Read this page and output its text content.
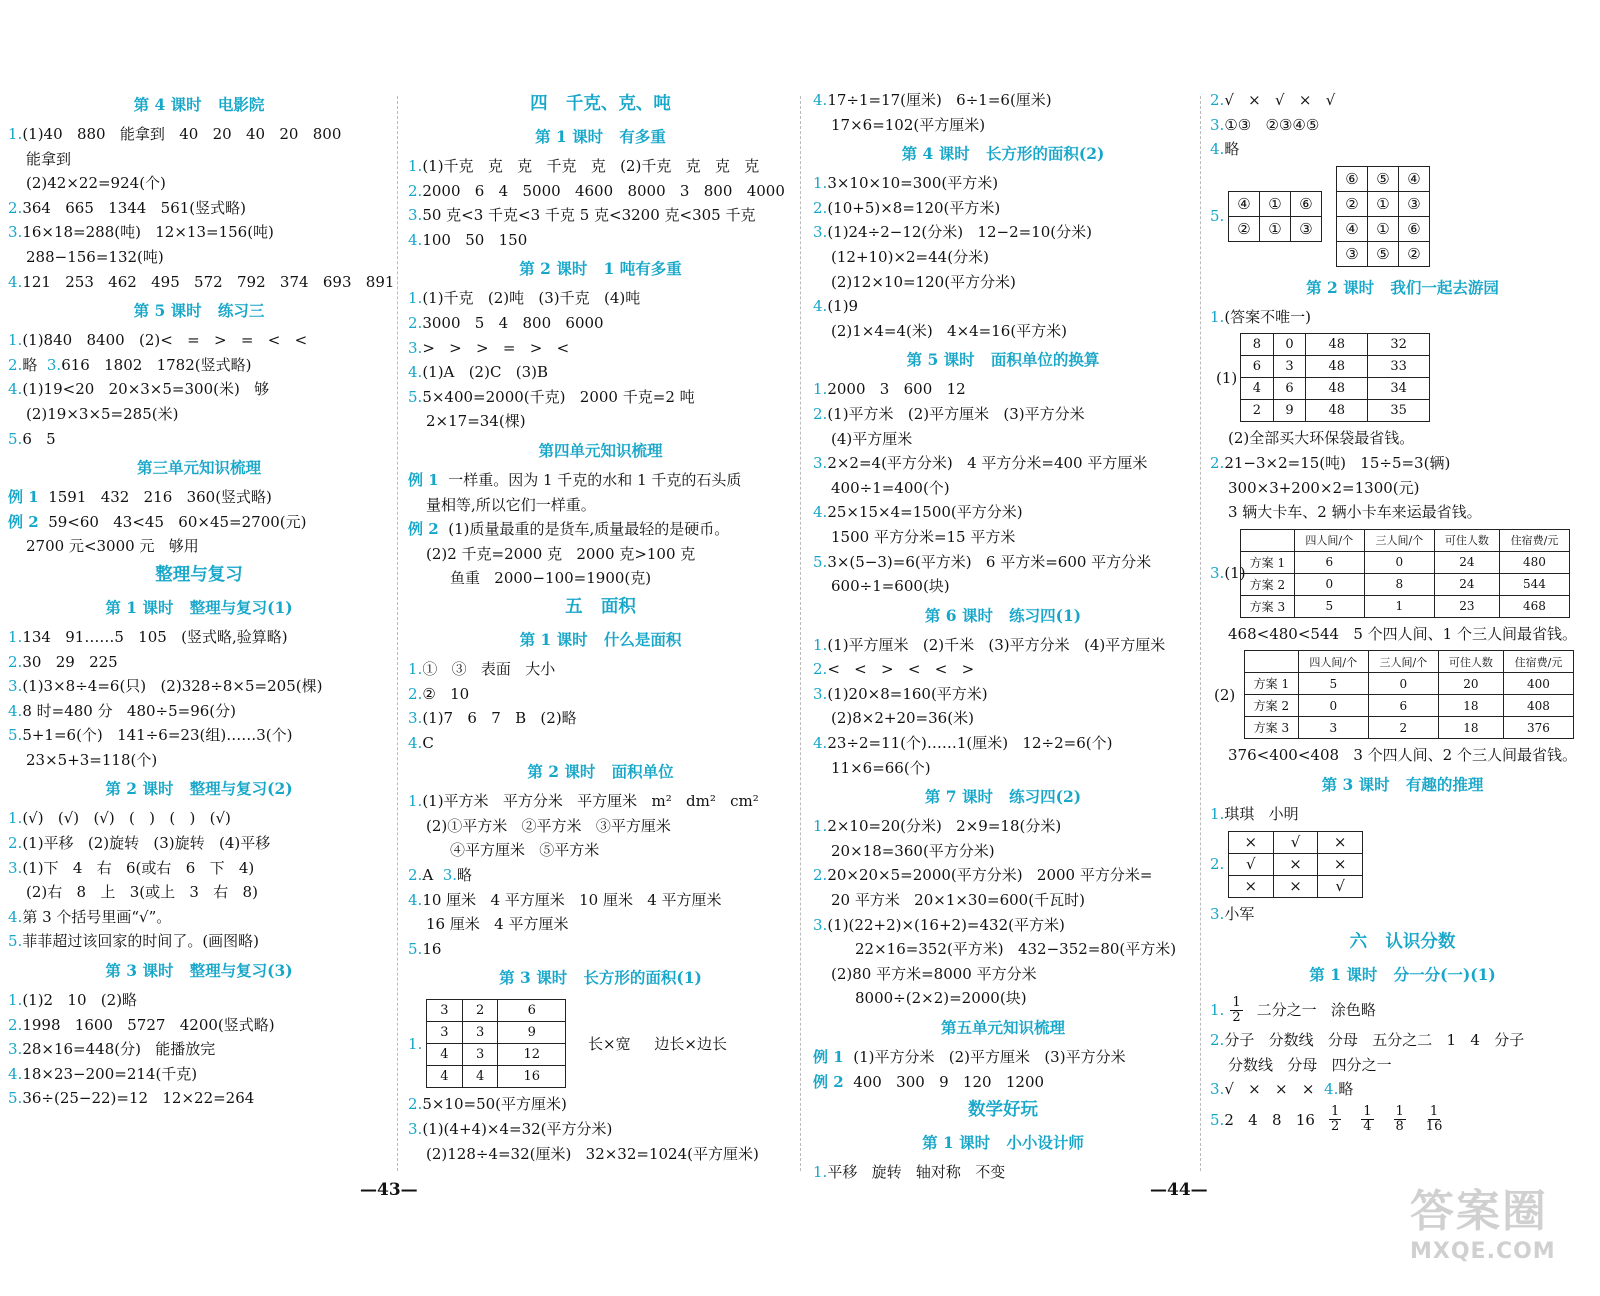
第 4 课时   电影院
1.(1)40   880   能拿到   40   20   40   20   800
能拿到
(2)42×22=924(个)
2.364   665   1344   561(竖式略)
3.16×18=288(吨)   12×13=156(吨)
288−156=132(吨)
4.121   253   462   495   572   792   374   693   891
第 5 课时   练习三
1.(1)840   8400   (2)<   =   >   =   <   <
2.略 3.616   1802   1782(竖式略)
4.(1)19<20   20×3×5=300(米)   够
(2)19×3×5=285(米)
5.6   5
第三单元知识梳理
例 1 1591   432   216   360(竖式略)
例 2 59<60   43<45   60×45=2700(元)
2700 元<3000 元   够用
整理与复习
第 1 课时   整理与复习(1)
1.134   91……5   105   (竖式略,验算略)
2.30   29   225
3.(1)3×8÷4=6(只)   (2)328÷8×5=205(棵)
4.8 时=480 分   480÷5=96(分)
5.5+1=6(个)   141÷6=23(组)……3(个)
23×5+3=118(个)
第 2 课时   整理与复习(2)
1.(√)   (√)   (√)   (   )   (   )   (√)
2.(1)平移   (2)旋转   (3)旋转   (4)平移
3.(1)下   4   右   6(或右   6   下   4)
(2)右   8   上   3(或上   3   右   8)
4.第 3 个括号里画“√”。
5.菲菲超过该回家的时间了。(画图略)
第 3 课时   整理与复习(3)
1.(1)2   10   (2)略
2.1998   1600   5727   4200(竖式略)
3.28×16=448(分)   能播放完
4.18×23−200=214(千克)
5.36÷(25−22)=12   12×22=264
四   千克、克、吨
第 1 课时   有多重
1.(1)千克   克   克   千克   克   (2)千克   克   克   克
2.2000   6   4   5000   4600   8000   3   800   4000
3.50 克<3 千克<3 千克 5 克<3200 克<305 千克
4.100   50   150
第 2 课时   1 吨有多重
1.(1)千克   (2)吨   (3)千克   (4)吨
2.3000   5   4   800   6000
3.>   >   >   =   >   <
4.(1)A   (2)C   (3)B
5.5×400=2000(千克)   2000 千克=2 吨
2×17=34(棵)
第四单元知识梳理
例 1 一样重。因为 1 千克的水和 1 千克的石头质
量相等,所以它们一样重。
例 2 (1)质量最重的是货车,质量最轻的是硬币。
(2)2 千克=2000 克   2000 克>100 克
鱼重   2000−100=1900(克)
五   面积
第 1 课时   什么是面积
1.①   ③   表面   大小
2.②   10
3.(1)7   6   7   B   (2)略
4.C
第 2 课时   面积单位
1.(1)平方米   平方分米   平方厘米   m²   dm²   cm²
(2)①平方米   ②平方米   ③平方厘米
④平方厘米   ⑤平方米
2.A 3.略
4.10 厘米   4 平方厘米   10 厘米   4 平方厘米
16 厘米   4 平方厘米
5.16
第 3 课时   长方形的面积(1)
1.
3	2	6
3	3	9
4	3	12
4	4	16
长×宽     边长×边长
2.5×10=50(平方厘米)
3.(1)(4+4)×4=32(平方分米)
(2)128÷4=32(厘米)   32×32=1024(平方厘米)
4.17÷1=17(厘米)   6÷1=6(厘米)
17×6=102(平方厘米)
第 4 课时   长方形的面积(2)
1.3×10×10=300(平方米)
2.(10+5)×8=120(平方米)
3.(1)24÷2−12(分米)   12−2=10(分米)
(12+10)×2=44(分米)
(2)12×10=120(平方分米)
4.(1)9
(2)1×4=4(米)   4×4=16(平方米)
第 5 课时   面积单位的换算
1.2000   3   600   12
2.(1)平方米   (2)平方厘米   (3)平方分米
(4)平方厘米
3.2×2=4(平方分米)   4 平方分米=400 平方厘米
400÷1=400(个)
4.25×15×4=1500(平方分米)
1500 平方分米=15 平方米
5.3×(5−3)=6(平方米)   6 平方米=600 平方分米
600÷1=600(块)
第 6 课时   练习四(1)
1.(1)平方厘米   (2)千米   (3)平方分米   (4)平方厘米
2.<   <   >   <   <   >
3.(1)20×8=160(平方米)
(2)8×2+20=36(米)
4.23÷2=11(个)……1(厘米)   12÷2=6(个)
11×6=66(个)
第 7 课时   练习四(2)
1.2×10=20(分米)   2×9=18(分米)
20×18=360(平方分米)
2.20×20×5=2000(平方分米)   2000 平方分米=
20 平方米   20×1×30=600(千瓦时)
3.(1)(22+2)×(16+2)=432(平方米)
22×16=352(平方米)   432−352=80(平方米)
(2)80 平方米=8000 平方分米
8000÷(2×2)=2000(块)
第五单元知识梳理
例 1 (1)平方分米   (2)平方厘米   (3)平方分米
例 2 400   300   9   120   1200
数学好玩
第 1 课时   小小设计师
1.平移   旋转   轴对称   不变
2.√   ×   √   ×   √
3.①③   ②③④⑤
4.略
5.
④	①	⑥
②	①	③
⑥	⑤	④
②	①	③
④	①	⑥
③	⑤	②
第 2 课时   我们一起去游园
1.(答案不唯一)
(1)
8	0	48	32
6	3	48	33
4	6	48	34
2	9	48	35
(2)全部买大环保袋最省钱。
2.21−3×2=15(吨)   15÷5=3(辆)
300×3+200×2=1300(元)
3 辆大卡车、2 辆小卡车来运最省钱。
3.(1)
	四人间/个	三人间/个	可住人数	住宿费/元
方案 1	6	0	24	480
方案 2	0	8	24	544
方案 3	5	1	23	468
468<480<544   5 个四人间、1 个三人间最省钱。
(2)
	四人间/个	三人间/个	可住人数	住宿费/元
方案 1	5	0	20	400
方案 2	0	6	18	408
方案 3	3	2	18	376
376<400<408   3 个四人间、2 个三人间最省钱。
第 3 课时   有趣的推理
1.琪琪   小明
2.
×	√	×
√	×	×
×	×	√
3.小军
六   认识分数
第 1 课时   分一分(一)(1)
1. $\frac{1}{2}$ 二分之一   涂色略
2.分子   分数线   分母   五分之二   1   4   分子
分数线   分母   四分之一
3.√   ×   ×   × 4.略
5. 2   4   8   $16 \frac{1}{2} \frac{1}{4} \frac{1}{8} \frac{1}{16}$
—43—	—44—	答案圈
MXQE.COM
